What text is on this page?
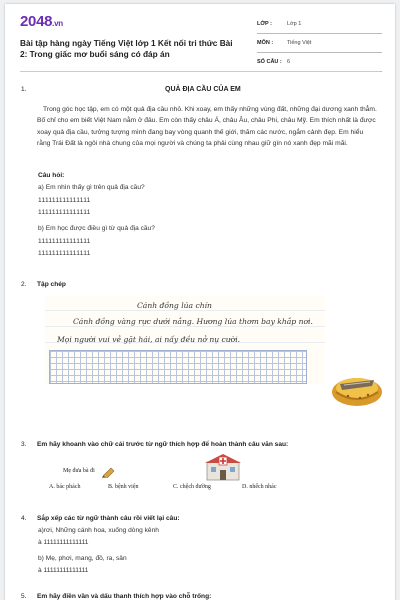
2048.vn
Bài tập hàng ngày Tiếng Việt lớp 1 Kết nối tri thức Bài 2: Trong giấc mơ buổi sáng có đáp án
LỚP :	Lớp 1
MÔN :	Tiếng Việt
SỐ CÂU : 6
1.	QUẢ ĐỊA CẦU CỦA EM
Trong góc học tập, em có một quả địa cầu nhỏ. Khi xoay, em thấy những vùng đất, những đại dương xanh thẳm. Bố chỉ cho em biết Việt Nam nằm ở đâu. Em còn thấy châu Á, châu Âu, châu Phi, châu Mỹ. Em thích nhất là được xoay quả địa cầu, tưởng tượng mình đang bay vòng quanh thế giới, thăm các nước, ngắm cảnh đẹp. Em hiểu rằng Trái Đất là ngôi nhà chung của mọi người và chúng ta phải cùng nhau giữ gìn nó xanh đẹp mãi mãi.
Câu hỏi:
a) Em nhìn thấy gì trên quả địa cầu?
111111111111111
111111111111111
b) Em học được điều gì từ quả địa cầu?
111111111111111
111111111111111
2. Tập chép
Cánh đồng lúa chín
Cánh đồng vàng rực dưới nắng. Hương lúa thơm bay khắp nơi.
Mọi người vui vẻ gặt hái, ai nấy đều nở nụ cười.
3. Em hãy khoanh vào chữ cái trước từ ngữ thích hợp để hoàn thành câu văn sau:
Mẹ đưa bà đi
A. bác phách	B. bệnh viện	C. chệch đường	D. nhếch nhác
4. Sắp xếp các từ ngữ thành câu rồi viết lại câu:
a)rơi, Những cánh hoa, xuống dòng kênh
à 11111111111111
b) Mẹ, phơi, mang, đồ, ra, sân
à 11111111111111
5. Em hãy điền vần và dấu thanh thích hợp vào chỗ trống:
